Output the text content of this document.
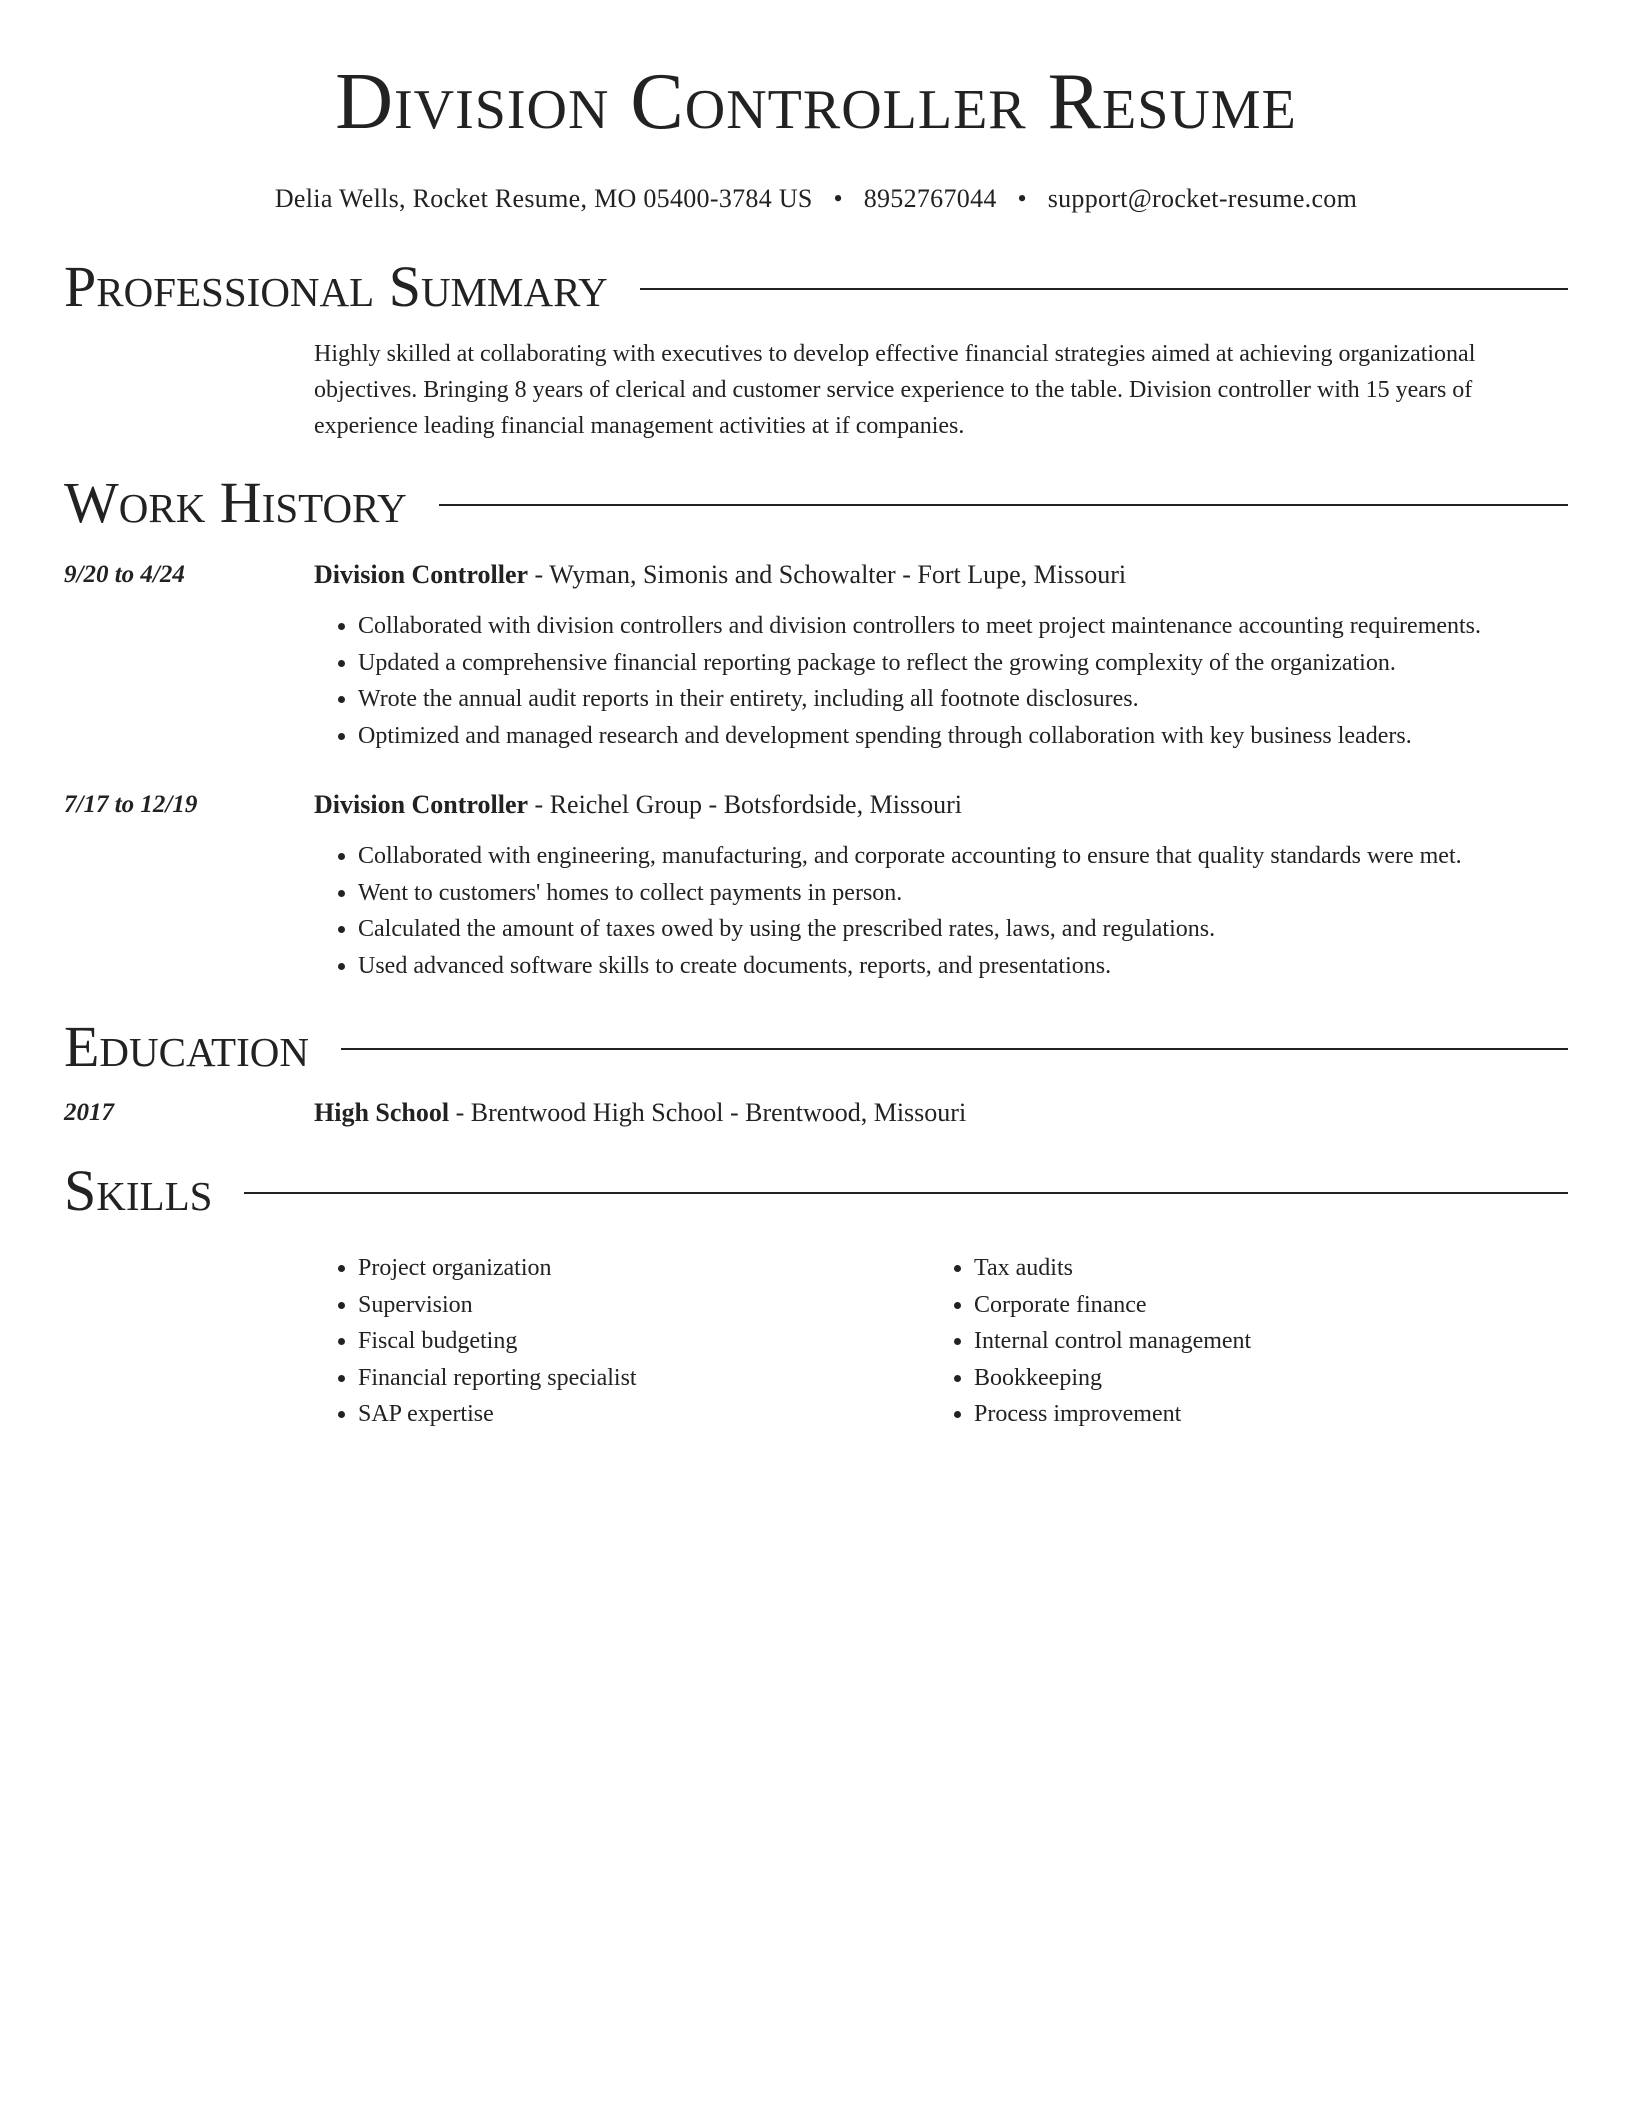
Division Controller Resume
Delia Wells, Rocket Resume, MO 05400-3784 US • 8952767044 • support@rocket-resume.com
Professional Summary
Highly skilled at collaborating with executives to develop effective financial strategies aimed at achieving organizational objectives. Bringing 8 years of clerical and customer service experience to the table. Division controller with 15 years of experience leading financial management activities at if companies.
Work History
9/20 to 4/24	Division Controller - Wyman, Simonis and Schowalter - Fort Lupe, Missouri
• Collaborated with division controllers and division controllers to meet project maintenance accounting requirements.
• Updated a comprehensive financial reporting package to reflect the growing complexity of the organization.
• Wrote the annual audit reports in their entirety, including all footnote disclosures.
• Optimized and managed research and development spending through collaboration with key business leaders.
7/17 to 12/19	Division Controller - Reichel Group - Botsfordside, Missouri
• Collaborated with engineering, manufacturing, and corporate accounting to ensure that quality standards were met.
• Went to customers' homes to collect payments in person.
• Calculated the amount of taxes owed by using the prescribed rates, laws, and regulations.
• Used advanced software skills to create documents, reports, and presentations.
Education
2017	High School - Brentwood High School - Brentwood, Missouri
Skills
• Project organization
• Supervision
• Fiscal budgeting
• Financial reporting specialist
• SAP expertise
• Tax audits
• Corporate finance
• Internal control management
• Bookkeeping
• Process improvement
